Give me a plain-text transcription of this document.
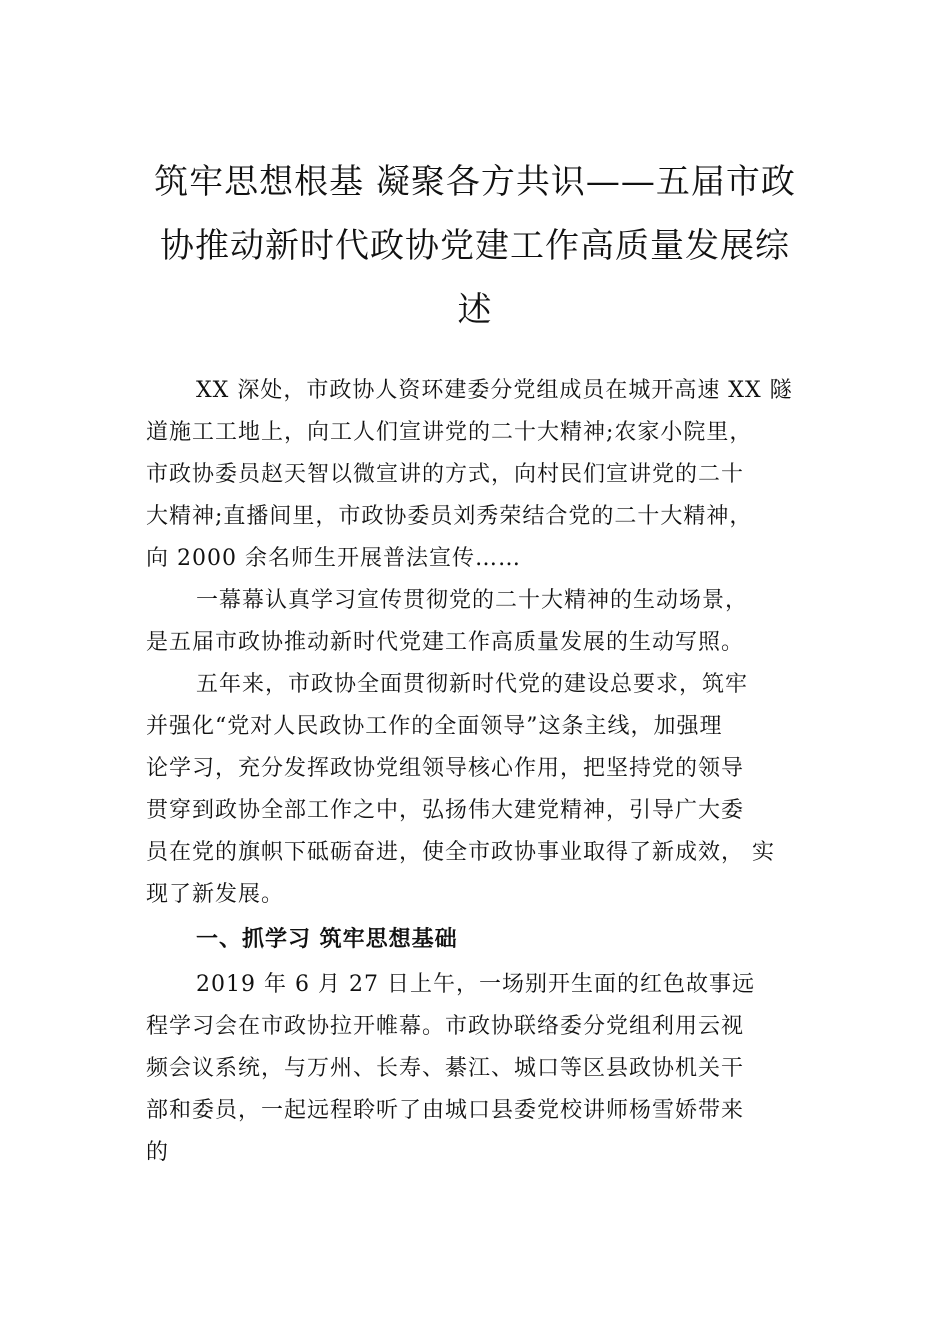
筑牢思想根基 凝聚各方共识——五届市政
协推动新时代政协党建工作高质量发展综
述

XX 深处，市政协人资环建委分党组成员在城开高速 XX 隧
道施工工地上，向工人们宣讲党的二十大精神;农家小院里，
市政协委员赵天智以微宣讲的方式，向村民们宣讲党的二十
大精神;直播间里，市政协委员刘秀荣结合党的二十大精神，
向 2000 余名师生开展普法宣传……

一幕幕认真学习宣传贯彻党的二十大精神的生动场景，
是五届市政协推动新时代党建工作高质量发展的生动写照。

五年来，市政协全面贯彻新时代党的建设总要求，筑牢
并强化“党对人民政协工作的全面领导”这条主线，加强理
论学习，充分发挥政协党组领导核心作用，把坚持党的领导
贯穿到政协全部工作之中，弘扬伟大建党精神，引导广大委
员在党的旗帜下砥砺奋进，使全市政协事业取得了新成效， 实
现了新发展。

一、抓学习 筑牢思想基础

2019 年 6 月 27 日上午，一场别开生面的红色故事远
程学习会在市政协拉开帷幕。市政协联络委分党组利用云视
频会议系统，与万州、长寿、綦江、城口等区县政协机关干
部和委员，一起远程聆听了由城口县委党校讲师杨雪娇带来
的
